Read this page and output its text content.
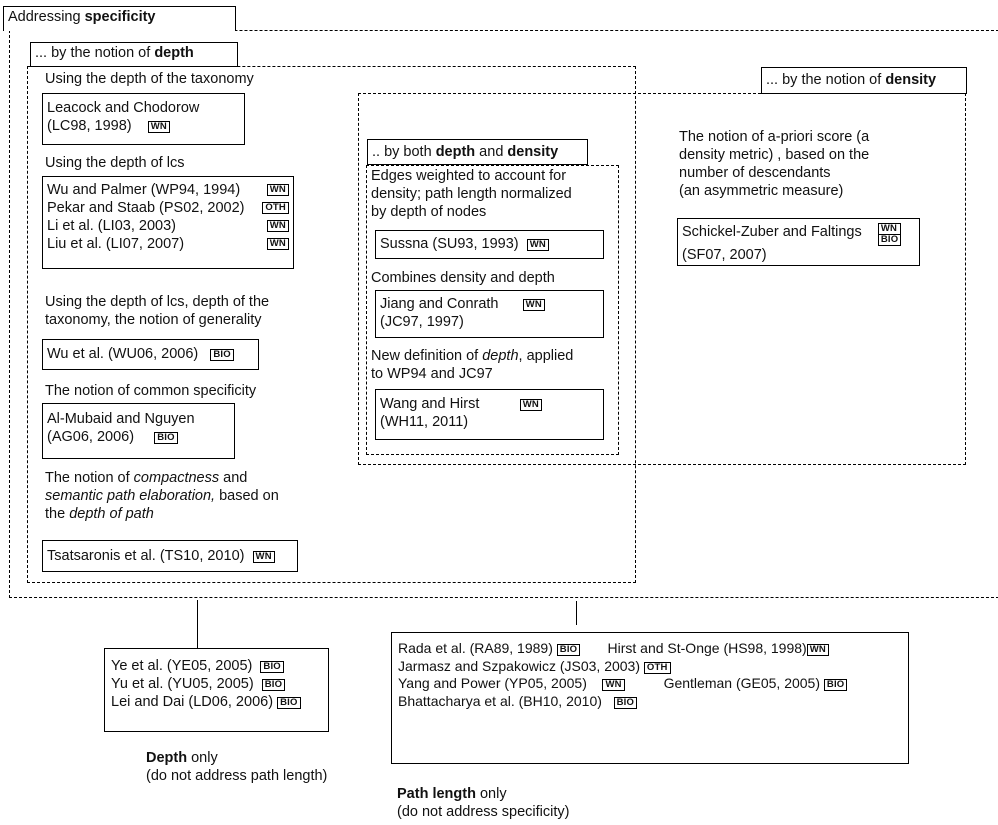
Addressing specificity
... by the notion of depth
... by the notion of density
.. by both depth and density
Using the depth of the taxonomy
Leacock and Chodorow
(LC98, 1998) WN
Using the depth of lcs
Wu and Palmer (WP94, 1994)	WN
Pekar and Staab (PS02, 2002)	OTH
Li et al. (LI03, 2003)	WN
Liu et al. (LI07, 2007)	WN
Using the depth of lcs, depth of the
taxonomy, the notion of generality
Wu et al. (WU06, 2006) BIO
The notion of common specificity
Al-Mubaid and Nguyen
(AG06, 2006) BIO
The notion of compactness and
semantic path elaboration, based on
the depth of path
Tsatsaronis et al. (TS10, 2010) WN
Edges weighted to account for
density; path length normalized
by depth of nodes
Sussna (SU93, 1993) WN
Combines density and depth
Jiang and Conrath	WN
(JC97, 1997)
New definition of depth, applied
to WP94 and JC97
Wang and Hirst	WN
(WH11, 2011)
The notion of a-priori score (a
density metric) , based on the
number of descendants
(an asymmetric measure)
Schickel-Zuber and Faltings	WN
BIO
(SF07, 2007)
Ye et al. (YE05, 2005) BIO
Yu et al. (YU05, 2005) BIO
Lei and Dai (LD06, 2006) BIO
Depth only
(do not address path length)
Rada et al. (RA89, 1989) BIO Hirst and St-Onge (HS98, 1998) WN
Jarmasz and Szpakowicz (JS03, 2003) OTH
Yang and Power (YP05, 2005) WN	Gentleman (GE05, 2005) BIO
Bhattacharya et al. (BH10, 2010) BIO
Path length only
(do not address specificity)
